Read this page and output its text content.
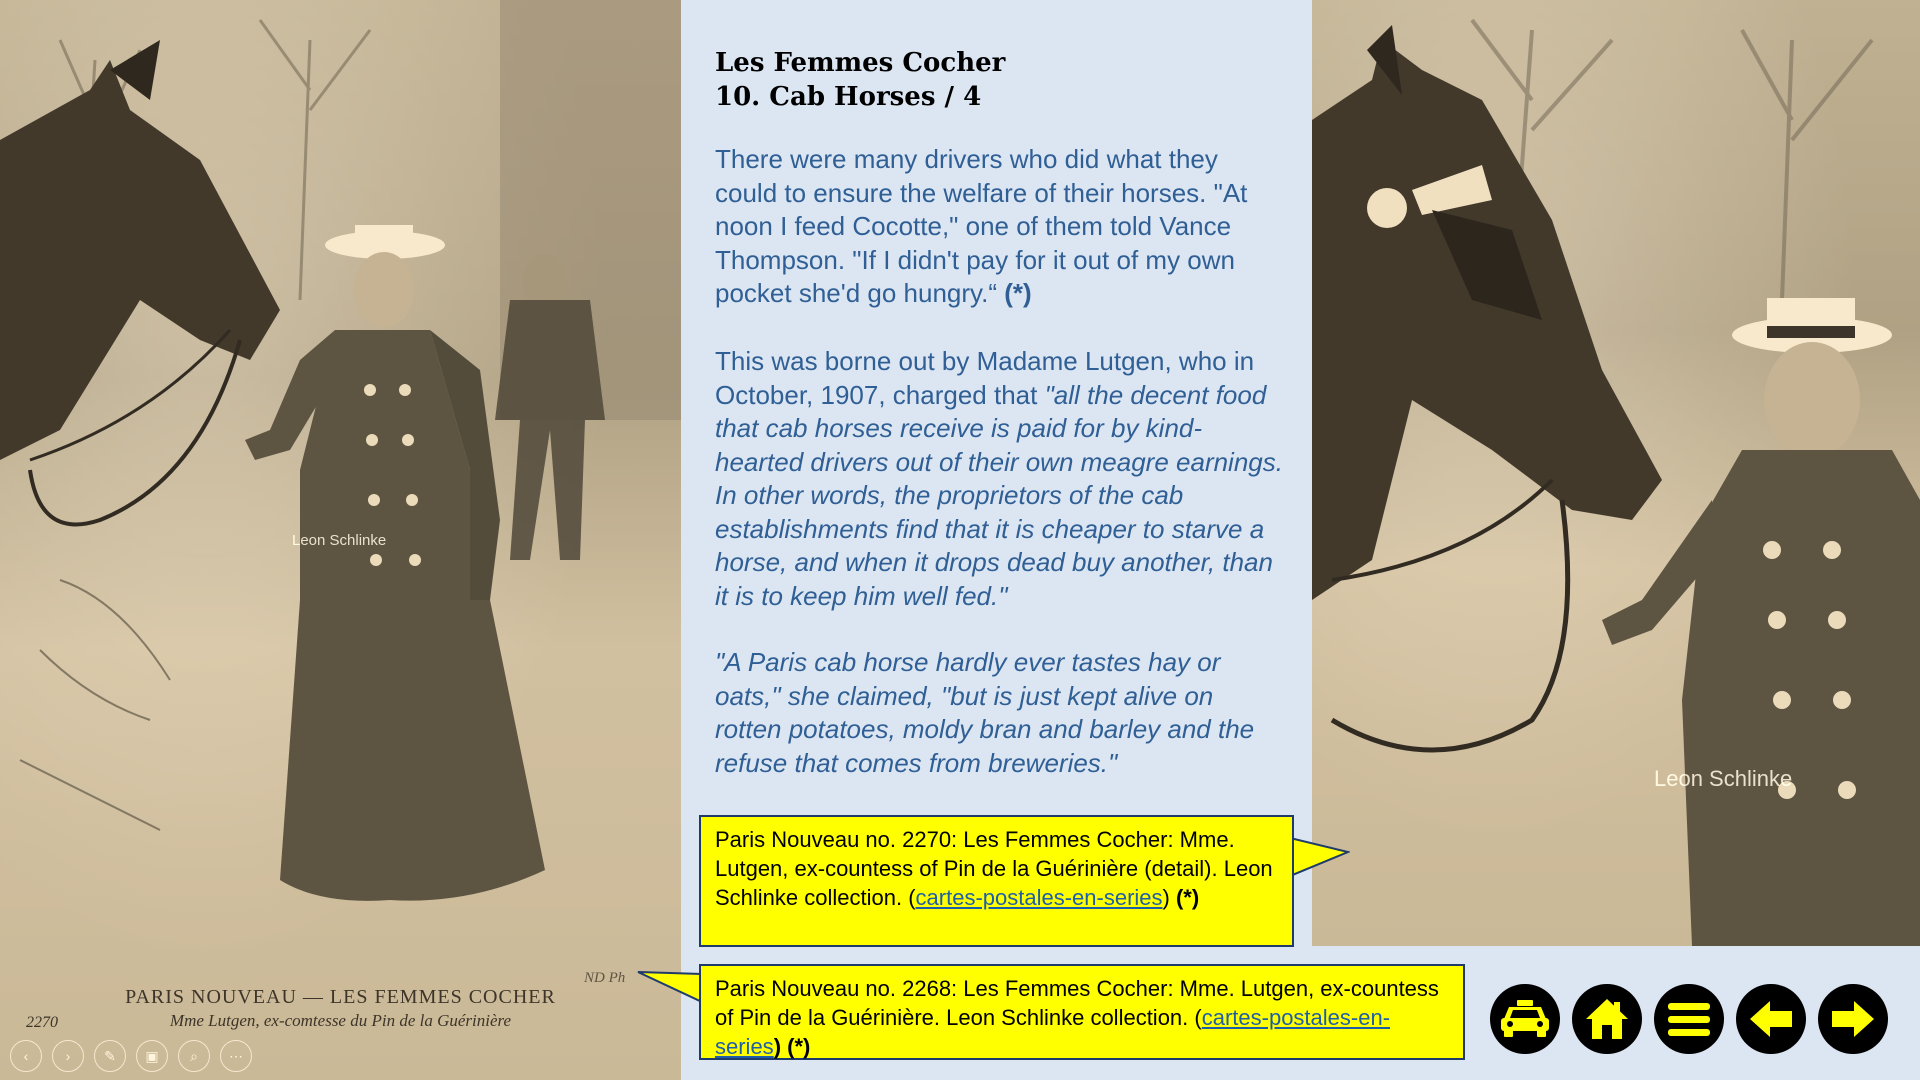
Leon Schlinke
PARIS NOUVEAU — LES FEMMES COCHER
Mme Lutgen, ex-comtesse du Pin de la Guérinière
2270
ND Ph
‹	›	✎	▣	⌕	⋯
Leon Schlinke
Les Femmes Cocher
10. Cab Horses / 4
There were many drivers who did what they could to ensure the welfare of their horses. "At noon I feed Cocotte," one of them told Vance Thompson. "If I didn't pay for it out of my own pocket she'd go hungry.“ (*)
This was borne out by Madame Lutgen, who in October, 1907, charged that "all the decent food that cab horses receive is paid for by kind-hearted drivers out of their own meagre earnings. In other words, the proprietors of the cab establishments find that it is cheaper to starve a horse, and when it drops dead buy another, than it is to keep him well fed."
"A Paris cab horse hardly ever tastes hay or oats," she claimed, "but is just kept alive on rotten potatoes, moldy bran and barley and the refuse that comes from breweries."
Paris Nouveau no. 2270: Les Femmes Cocher: Mme. Lutgen, ex-countess of Pin de la Guérinière (detail). Leon Schlinke collection. (cartes-postales-en-series) (*)
Paris Nouveau no. 2268: Les Femmes Cocher: Mme. Lutgen, ex-countess of Pin de la Guérinière. Leon Schlinke collection. (cartes-postales-en-series) (*)
